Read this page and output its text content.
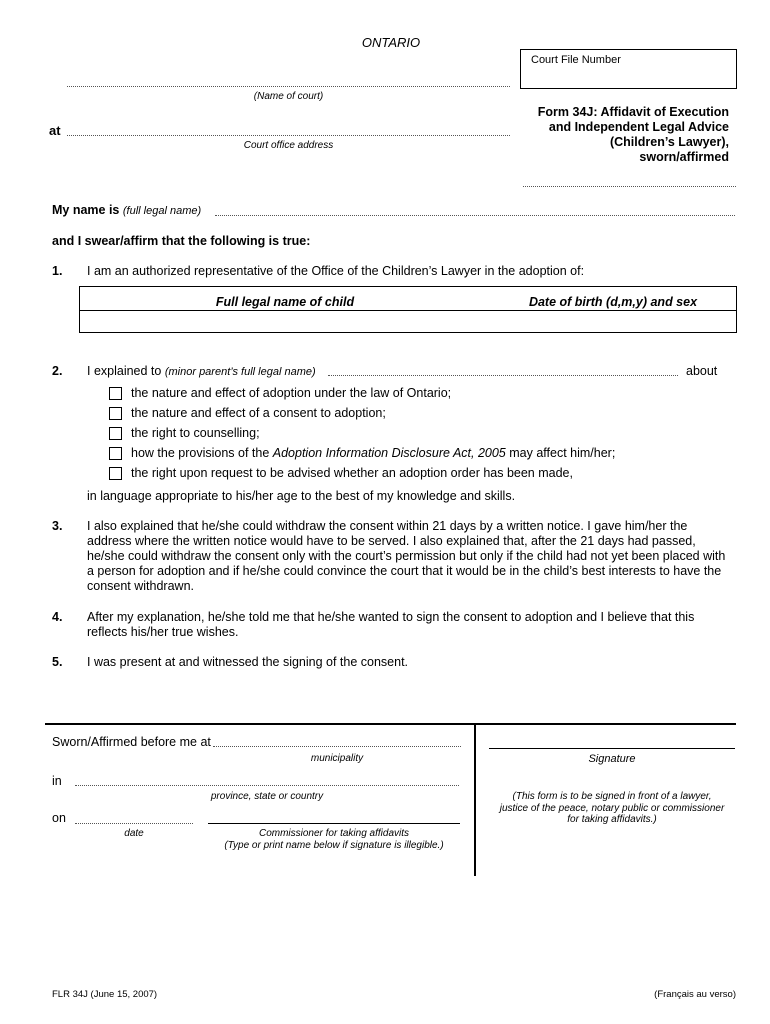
ONTARIO
Court File Number
(Name of court)
at
Court office address
Form 34J: Affidavit of Execution
and Independent Legal Advice
(Children’s Lawyer),
sworn/affirmed
My name is (full legal name)
and I swear/affirm that the following is true:
1. I am an authorized representative of the Office of the Children’s Lawyer in the adoption of:
Full legal name of child	Date of birth (d,m,y) and sex
2. I explained to (minor parent’s full legal name)	about
the nature and effect of adoption under the law of Ontario;
the nature and effect of a consent to adoption;
the right to counselling;
how the provisions of the Adoption Information Disclosure Act, 2005 may affect him/her;
the right upon request to be advised whether an adoption order has been made,
in language appropriate to his/her age to the best of my knowledge and skills.
3. I also explained that he/she could withdraw the consent within 21 days by a written notice. I gave him/her the
address where the written notice would have to be served. I also explained that, after the 21 days had passed,
he/she could withdraw the consent only with the court’s permission but only if the child had not yet been placed with
a person for adoption and if he/she could convince the court that it would be in the child’s best interests to have the
consent withdrawn.
4. After my explanation, he/she told me that he/she wanted to sign the consent to adoption and I believe that this
reflects his/her true wishes.
5. I was present at and witnessed the signing of the consent.
Sworn/Affirmed before me at
municipality
in
province, state or country
on
date	Commissioner for taking affidavits
(Type or print name below if signature is illegible.)
Signature
(This form is to be signed in front of a lawyer,
justice of the peace, notary public or commissioner
for taking affidavits.)
FLR 34J (June 15, 2007)	(Français au verso)
